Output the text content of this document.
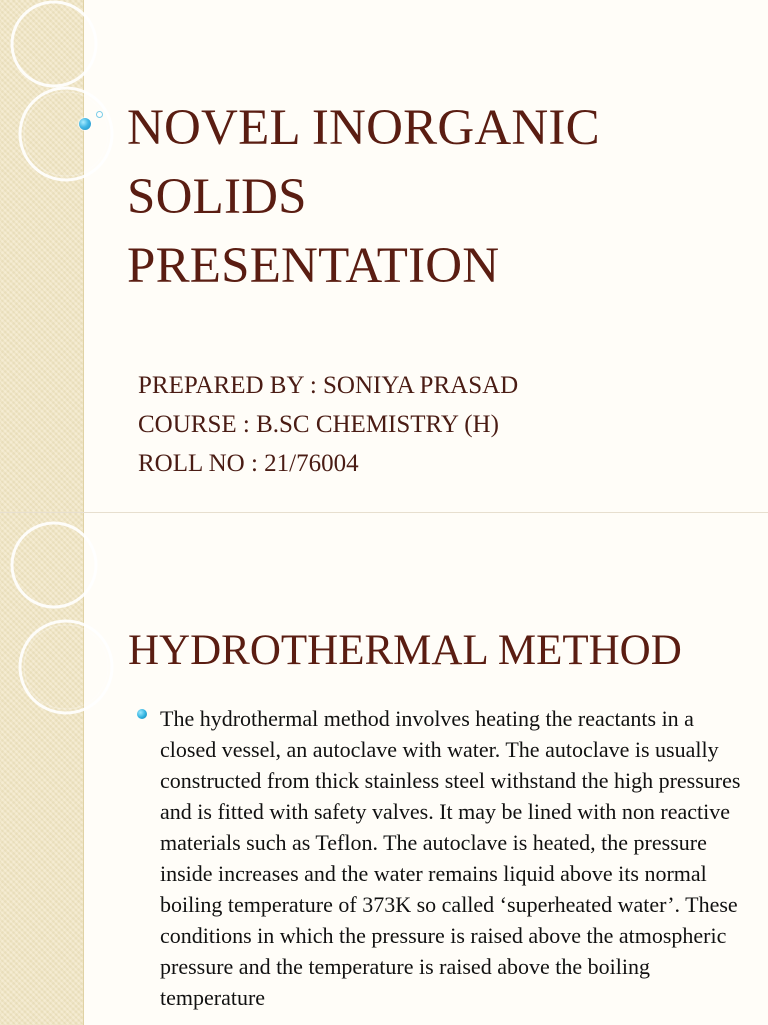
NOVEL INORGANIC
SOLIDS
PRESENTATION
PREPARED BY : SONIYA PRASAD
COURSE : B.SC CHEMISTRY (H)
ROLL NO : 21/76004
HYDROTHERMAL METHOD

The hydrothermal method involves heating the reactants in a closed vessel, an autoclave with water. The autoclave is usually constructed from thick stainless steel withstand the high pressures and is fitted with safety valves. It may be lined with non reactive materials such as Teflon. The autoclave is heated, the pressure inside increases and the water remains liquid above its normal boiling temperature of 373K so called ‘superheated water’. These conditions in which the pressure is raised above the atmospheric pressure and the temperature is raised above the boiling temperature
